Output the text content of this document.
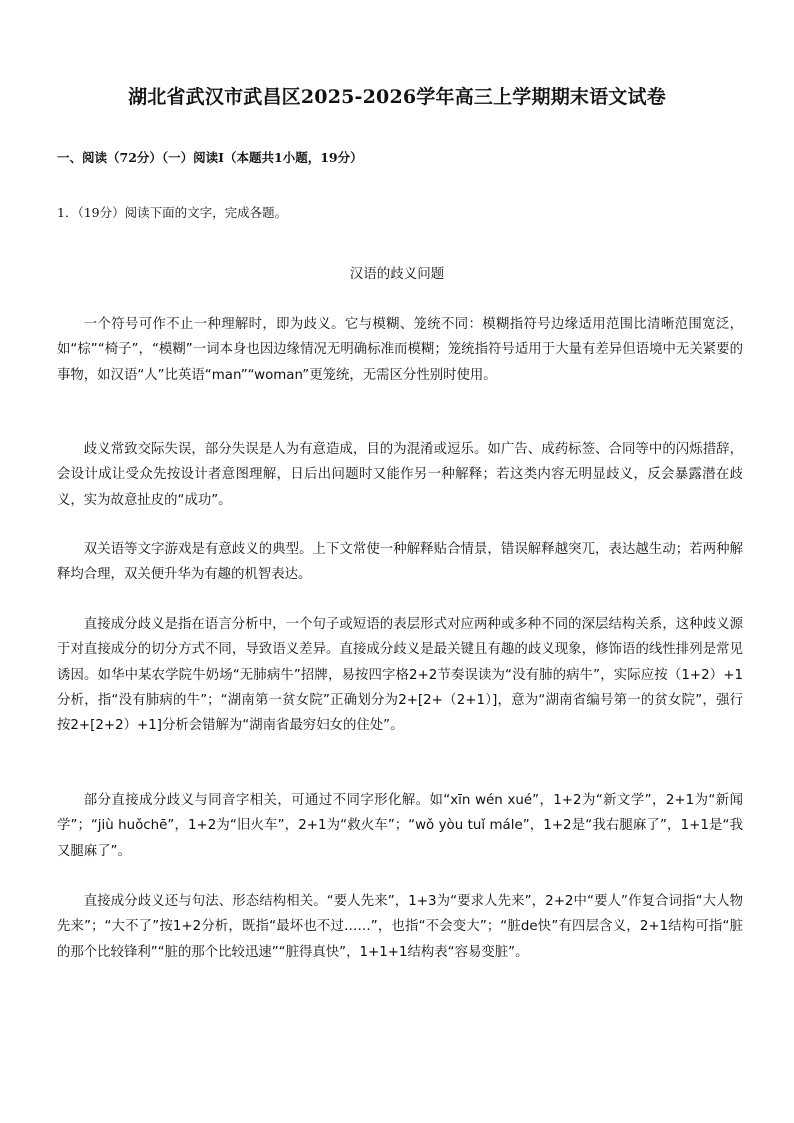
湖北省武汉市武昌区2025-2026学年高三上学期期末语文试卷
一、阅读（72分）（一）阅读Ⅰ（本题共1小题，19分）
1．（19分）阅读下面的文字，完成各题。
汉语的歧义问题

一个符号可作不止一种理解时，即为歧义。它与模糊、笼统不同：模糊指符号边缘适用范围比清晰范围宽泛，如“棕”“椅子”，“模糊”一词本身也因边缘情况无明确标准而模糊；笼统指符号适用于大量有差异但语境中无关紧要的事物，如汉语“人”比英语“man”“woman”更笼统，无需区分性别时使用。

歧义常致交际失误，部分失误是人为有意造成，目的为混淆或逗乐。如广告、成药标签、合同等中的闪烁措辞，会设计成让受众先按设计者意图理解，日后出问题时又能作另一种解释；若这类内容无明显歧义，反会暴露潜在歧义，实为故意扯皮的“成功”。

双关语等文字游戏是有意歧义的典型。上下文常使一种解释贴合情景，错误解释越突兀，表达越生动；若两种解释均合理，双关便升华为有趣的机智表达。

直接成分歧义是指在语言分析中，一个句子或短语的表层形式对应两种或多种不同的深层结构关系，这种歧义源于对直接成分的切分方式不同，导致语义差异。直接成分歧义是最关键且有趣的歧义现象，修饰语的线性排列是常见诱因。如华中某农学院牛奶场“无肺病牛”招牌，易按四字格2+2节奏误读为“没有肺的病牛”，实际应按（1+2）+1分析，指“没有肺病的牛”；“湖南第一贫女院”正确划分为2+[2+（2+1）]，意为“湖南省编号第一的贫女院”，强行按2+[2+2）+1]分析会错解为“湖南省最穷妇女的住处”。

部分直接成分歧义与同音字相关，可通过不同字形化解。如“xīn wén xué”，1+2为“新文学”，2+1为“新闻学”；“jiù huǒchē”，1+2为“旧火车”，2+1为“救火车”；“wǒ yòu tuǐ mále”，1+2是“我右腿麻了”，1+1是“我又腿麻了”。

直接成分歧义还与句法、形态结构相关。“要人先来”，1+3为“要求人先来”，2+2中“要人”作复合词指“大人物先来”；“大不了”按1+2分析，既指“最坏也不过……”，也指“不会变大”；“脏de快”有四层含义，2+1结构可指“脏的那个比较锋利”“脏的那个比较迅速”“脏得真快”，1+1+1结构表“容易变脏”。
